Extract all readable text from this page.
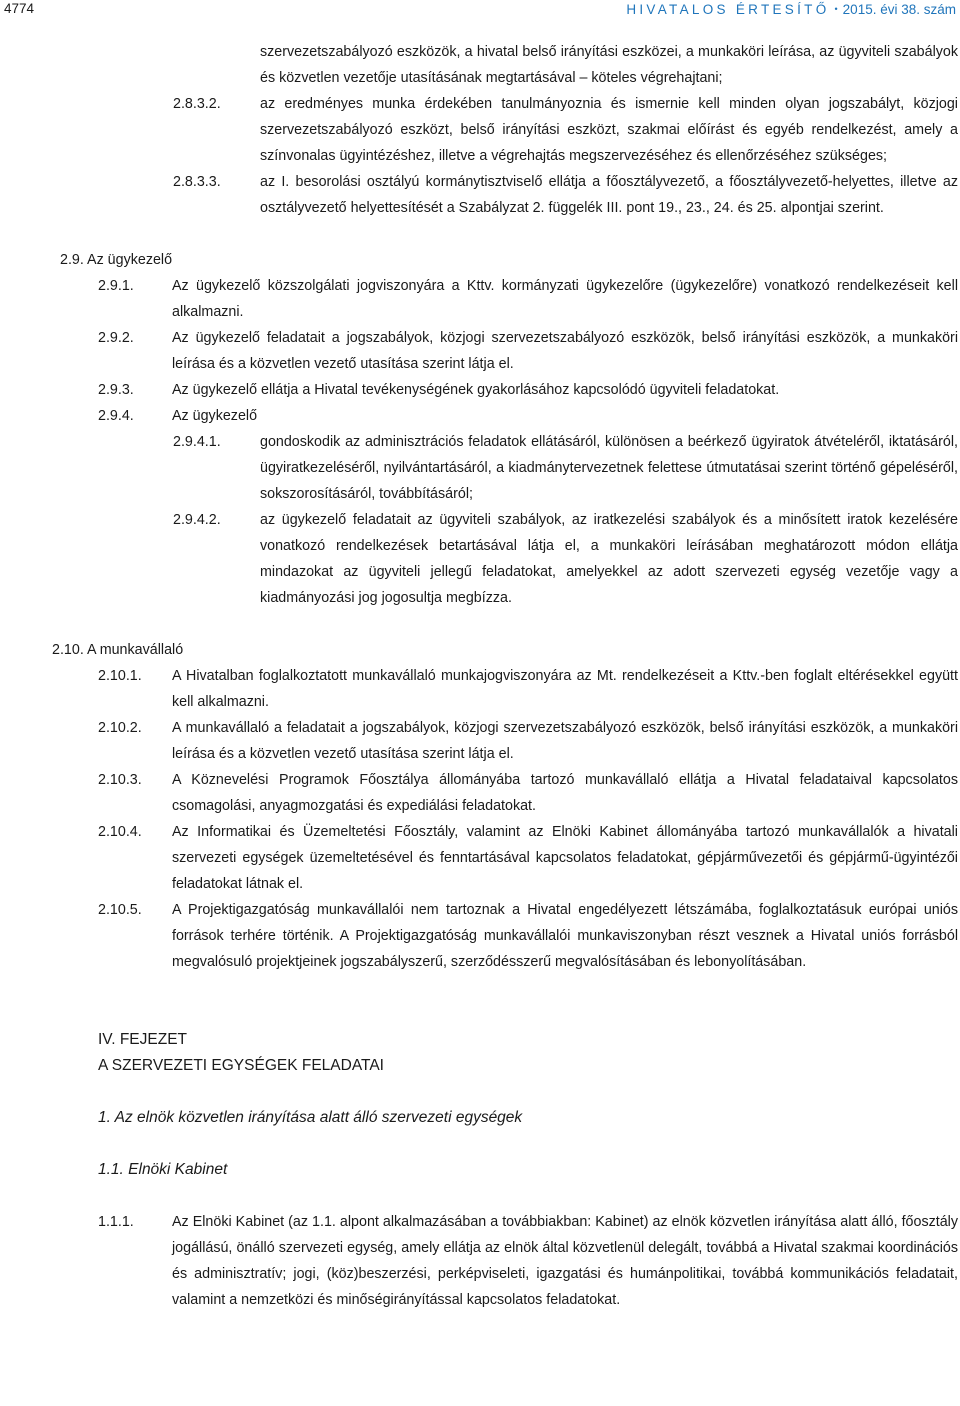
4774	HIVATALOS ÉRTESÍTŐ • 2015. évi 38. szám
szervezetszabályozó eszközök, a hivatal belső irányítási eszközei, a munkaköri leírása, az ügyviteli szabályok és közvetlen vezetője utasításának megtartásával – köteles végrehajtani;
2.8.3.2.	az eredményes munka érdekében tanulmányoznia és ismernie kell minden olyan jogszabályt, közjogi szervezetszabályozó eszközt, belső irányítási eszközt, szakmai előírást és egyéb rendelkezést, amely a színvonalas ügyintézéshez, illetve a végrehajtás megszervezéséhez és ellenőrzéséhez szükséges;
2.8.3.3.	az I. besorolási osztályú kormánytisztviselő ellátja a főosztályvezető, a főosztályvezető-helyettes, illetve az osztályvezető helyettesítését a Szabályzat 2. függelék III. pont 19., 23., 24. és 25. alpontjai szerint.
2.9. Az ügykezelő
2.9.1.	Az ügykezelő közszolgálati jogviszonyára a Kttv. kormányzati ügykezelőre (ügykezelőre) vonatkozó rendelkezéseit kell alkalmazni.
2.9.2.	Az ügykezelő feladatait a jogszabályok, közjogi szervezetszabályozó eszközök, belső irányítási eszközök, a munkaköri leírása és a közvetlen vezető utasítása szerint látja el.
2.9.3.	Az ügykezelő ellátja a Hivatal tevékenységének gyakorlásához kapcsolódó ügyviteli feladatokat.
2.9.4.	Az ügykezelő
2.9.4.1.	gondoskodik az adminisztrációs feladatok ellátásáról, különösen a beérkező ügyiratok átvételéről, iktatásáról, ügyiratkezeléséről, nyilvántartásáról, a kiadmánytervezetnek felettese útmutatásai szerint történő gépeléséről, sokszorosításáról, továbbításáról;
2.9.4.2.	az ügykezelő feladatait az ügyviteli szabályok, az iratkezelési szabályok és a minősített iratok kezelésére vonatkozó rendelkezések betartásával látja el, a munkaköri leírásában meghatározott módon ellátja mindazokat az ügyviteli jellegű feladatokat, amelyekkel az adott szervezeti egység vezetője vagy a kiadmányozási jog jogosultja megbízza.
2.10. A munkavállaló
2.10.1. A Hivatalban foglalkoztatott munkavállaló munkajogviszonyára az Mt. rendelkezéseit a Kttv.-ben foglalt eltérésekkel együtt kell alkalmazni.
2.10.2. A munkavállaló a feladatait a jogszabályok, közjogi szervezetszabályozó eszközök, belső irányítási eszközök, a munkaköri leírása és a közvetlen vezető utasítása szerint látja el.
2.10.3. A Köznevelési Programok Főosztálya állományába tartozó munkavállaló ellátja a Hivatal feladataival kapcsolatos csomagolási, anyagmozgatási és expediálási feladatokat.
2.10.4. Az Informatikai és Üzemeltetési Főosztály, valamint az Elnöki Kabinet állományába tartozó munkavállalók a hivatali szervezeti egységek üzemeltetésével és fenntartásával kapcsolatos feladatokat, gépjárművezetői és gépjármű-ügyintézői feladatokat látnak el.
2.10.5. A Projektigazgatóság munkavállalói nem tartoznak a Hivatal engedélyezett létszámába, foglalkoztatásuk európai uniós források terhére történik. A Projektigazgatóság munkavállalói munkaviszonyban részt vesznek a Hivatal uniós forrásból megvalósuló projektjeinek jogszabályszerű, szerződésszerű megvalósításában és lebonyolításában.
IV. FEJEZET
A SZERVEZETI EGYSÉGEK FELADATAI
1. Az elnök közvetlen irányítása alatt álló szervezeti egységek
1.1. Elnöki Kabinet
1.1.1.	Az Elnöki Kabinet (az 1.1. alpont alkalmazásában a továbbiakban: Kabinet) az elnök közvetlen irányítása alatt álló, főosztály jogállású, önálló szervezeti egység, amely ellátja az elnök által közvetlenül delegált, továbbá a Hivatal szakmai koordinációs és adminisztratív; jogi, (köz)beszerzési, perképviseleti, igazgatási és humánpolitikai, továbbá kommunikációs feladatait, valamint a nemzetközi és minőségirányítással kapcsolatos feladatokat.
